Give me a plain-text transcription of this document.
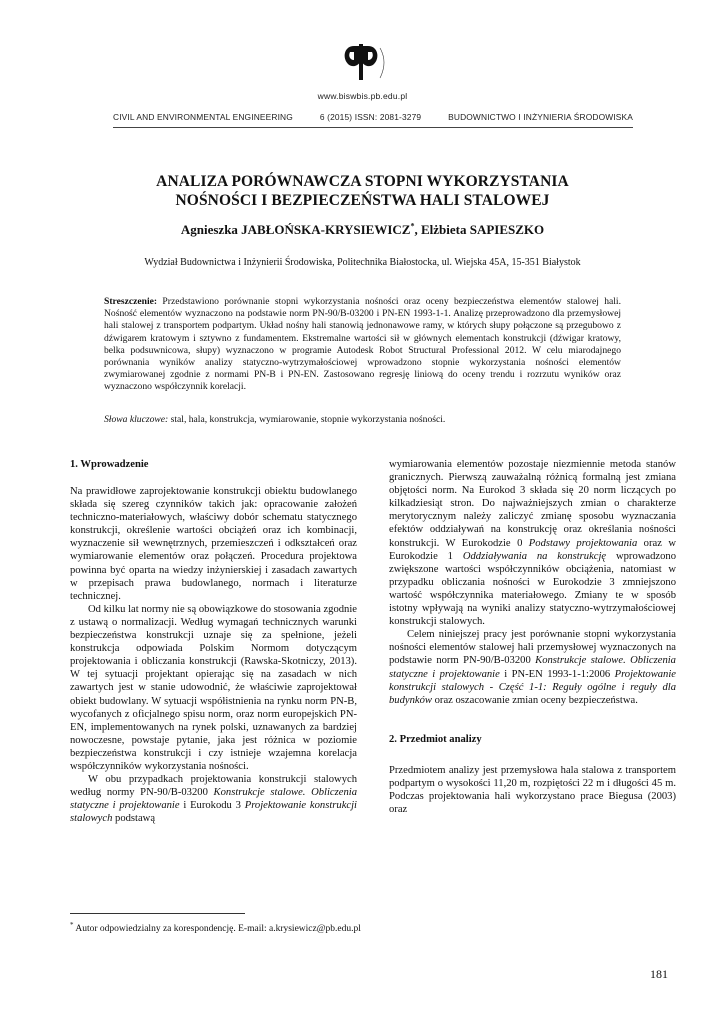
www.biswbis.pb.edu.pl
CIVIL AND ENVIRONMENTAL ENGINEERING	6 (2015) ISSN: 2081-3279	BUDOWNICTWO I INŻYNIERIA ŚRODOWISKA
ANALIZA PORÓWNAWCZA STOPNI WYKORZYSTANIA
NOŚNOŚCI I BEZPIECZEŃSTWA HALI STALOWEJ
Agnieszka JABŁOŃSKA-KRYSIEWICZ*, Elżbieta SAPIESZKO
Wydział Budownictwa i Inżynierii Środowiska, Politechnika Białostocka, ul. Wiejska 45A, 15-351 Białystok
Streszczenie: Przedstawiono porównanie stopni wykorzystania nośności oraz oceny bezpieczeństwa elementów stalowej hali. Nośność elementów wyznaczono na podstawie norm PN-90/B-03200 i PN-EN 1993-1-1. Analizę przeprowadzono dla przemysłowej hali stalowej z transportem podpartym. Układ nośny hali stanowią jednonawowe ramy, w których słupy połączone są przegubowo z dźwigarem kratowym i sztywno z fundamentem. Ekstremalne wartości sił w głównych elementach konstrukcji (dźwigar kratowy, belka podsuwnicowa, słupy) wyznaczono w programie Autodesk Robot Structural Professional 2012. W celu miarodajnego porównania wyników analizy statyczno-wytrzymałościowej wprowadzono stopnie wykorzystania nośności elementów zwymiarowanej zgodnie z normami PN-B i PN-EN. Zastosowano regresję liniową do oceny trendu i rozrzutu wyników oraz wyznaczono współczynnik korelacji.
Słowa kluczowe: stal, hala, konstrukcja, wymiarowanie, stopnie wykorzystania nośności.
1. Wprowadzenie

Na prawidłowe zaprojektowanie konstrukcji obiektu budowlanego składa się szereg czynników takich jak: opracowanie założeń techniczno-materiałowych, właściwy dobór schematu statycznego konstrukcji, określenie wartości obciążeń oraz ich kombinacji, wyznaczenie sił wewnętrznych, przemieszczeń i odkształceń oraz wymiarowanie elementów oraz połączeń. Procedura projektowa powinna być oparta na wiedzy inżynierskiej i zasadach zawartych w przepisach prawa budowlanego, normach i literaturze technicznej.

Od kilku lat normy nie są obowiązkowe do stosowania zgodnie z ustawą o normalizacji. Według wymagań technicznych warunki bezpieczeństwa konstrukcji uznaje się za spełnione, jeżeli konstrukcja odpowiada Polskim Normom dotyczącym projektowania i obliczania konstrukcji (Rawska-Skotniczy, 2013). W tej sytuacji projektant opierając się na zasadach w nich zawartych jest w stanie udowodnić, że właściwie zaprojektował obiekt budowlany. W sytuacji współistnienia na rynku norm PN-B, wycofanych z oficjalnego spisu norm, oraz norm europejskich PN-EN, implementowanych na rynek polski, uznawanych za bardziej nowoczesne, powstaje pytanie, jaka jest różnica w poziomie bezpieczeństwa konstrukcji i czy istnieje wzajemna korelacja współczynników wykorzystania nośności.

W obu przypadkach projektowania konstrukcji stalowych według normy PN-90/B-03200 Konstrukcje stalowe. Obliczenia statyczne i projektowanie i Eurokodu 3 Projektowanie konstrukcji stalowych podstawą

wymiarowania elementów pozostaje niezmiennie metoda stanów granicznych. Pierwszą zauważalną różnicą formalną jest zmiana objętości norm. Na Eurokod 3 składa się 20 norm liczących po kilkadziesiąt stron. Do najważniejszych zmian o charakterze merytorycznym należy zaliczyć zmianę sposobu wyznaczania efektów oddziaływań na konstrukcję oraz określania nośności konstrukcji. W Eurokodzie 0 Podstawy projektowania oraz w Eurokodzie 1 Oddziaływania na konstrukcję wprowadzono zwiększone wartości współczynników obciążenia, natomiast w przypadku obliczania nośności w Eurokodzie 3 zmniejszono wartość współczynnika materiałowego. Zmiany te w sposób istotny wpływają na wyniki analizy statyczno-wytrzymałościowej konstrukcji stalowych.

Celem niniejszej pracy jest porównanie stopni wykorzystania nośności elementów stalowej hali przemysłowej wyznaczonych na podstawie norm PN-90/B-03200 Konstrukcje stalowe. Obliczenia statyczne i projektowanie i PN-EN 1993-1-1:2006 Projektowanie konstrukcji stalowych - Część 1-1: Reguły ogólne i reguły dla budynków oraz oszacowanie zmian oceny bezpieczeństwa.

2. Przedmiot analizy

Przedmiotem analizy jest przemysłowa hala stalowa z transportem podpartym o wysokości 11,20 m, rozpiętości 22 m i długości 45 m. Podczas projektowania hali wykorzystano prace Biegusa (2003) oraz

* Autor odpowiedzialny za korespondencję. E-mail: a.krysiewicz@pb.edu.pl
181
